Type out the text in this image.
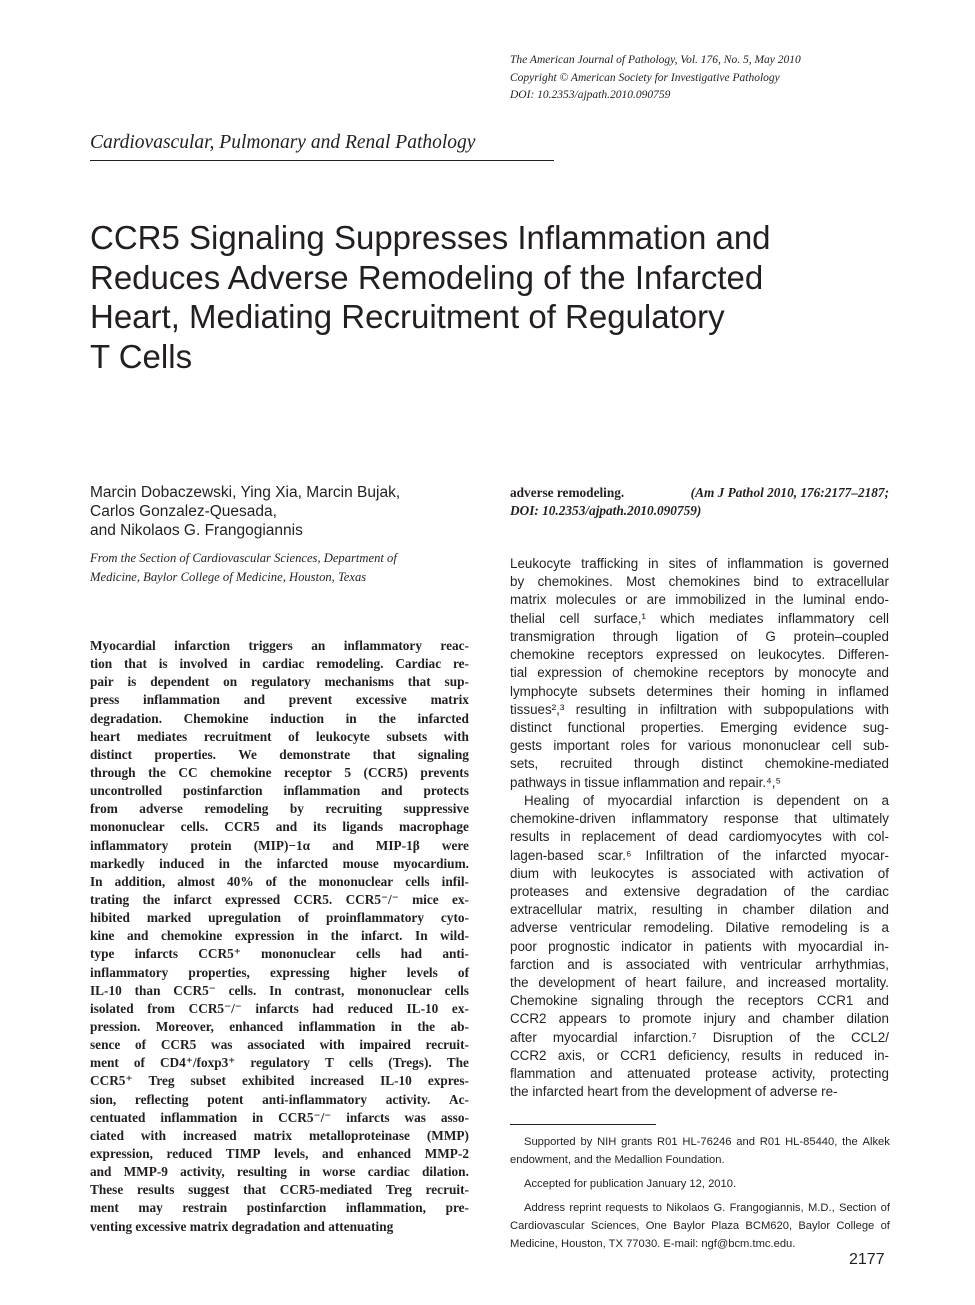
The American Journal of Pathology, Vol. 176, No. 5, May 2010
Copyright © American Society for Investigative Pathology
DOI: 10.2353/ajpath.2010.090759
Cardiovascular, Pulmonary and Renal Pathology
CCR5 Signaling Suppresses Inflammation and
Reduces Adverse Remodeling of the Infarcted
Heart, Mediating Recruitment of Regulatory
T Cells
Marcin Dobaczewski, Ying Xia, Marcin Bujak,
Carlos Gonzalez-Quesada,
and Nikolaos G. Frangogiannis
From the Section of Cardiovascular Sciences, Department of
Medicine, Baylor College of Medicine, Houston, Texas
Myocardial infarction triggers an inflammatory reac-
tion that is involved in cardiac remodeling. Cardiac re-
pair is dependent on regulatory mechanisms that sup-
press inflammation and prevent excessive matrix
degradation. Chemokine induction in the infarcted
heart mediates recruitment of leukocyte subsets with
distinct properties. We demonstrate that signaling
through the CC chemokine receptor 5 (CCR5) prevents
uncontrolled postinfarction inflammation and protects
from adverse remodeling by recruiting suppressive
mononuclear cells. CCR5 and its ligands macrophage
inflammatory protein (MIP)−1α and MIP-1β were
markedly induced in the infarcted mouse myocardium.
In addition, almost 40% of the mononuclear cells infil-
trating the infarct expressed CCR5. CCR5⁻/⁻ mice ex-
hibited marked upregulation of proinflammatory cyto-
kine and chemokine expression in the infarct. In wild-
type infarcts CCR5⁺ mononuclear cells had anti-
inflammatory properties, expressing higher levels of
IL-10 than CCR5⁻ cells. In contrast, mononuclear cells
isolated from CCR5⁻/⁻ infarcts had reduced IL-10 ex-
pression. Moreover, enhanced inflammation in the ab-
sence of CCR5 was associated with impaired recruit-
ment of CD4⁺/foxp3⁺ regulatory T cells (Tregs). The
CCR5⁺ Treg subset exhibited increased IL-10 expres-
sion, reflecting potent anti-inflammatory activity. Ac-
centuated inflammation in CCR5⁻/⁻ infarcts was asso-
ciated with increased matrix metalloproteinase (MMP)
expression, reduced TIMP levels, and enhanced MMP-2
and MMP-9 activity, resulting in worse cardiac dilation.
These results suggest that CCR5-mediated Treg recruit-
ment may restrain postinfarction inflammation, pre-
venting excessive matrix degradation and attenuating
adverse remodeling.	(Am J Pathol 2010, 176:2177–2187;
DOI: 10.2353/ajpath.2010.090759)
Leukocyte trafficking in sites of inflammation is governed
by chemokines. Most chemokines bind to extracellular
matrix molecules or are immobilized in the luminal endo-
thelial cell surface,¹ which mediates inflammatory cell
transmigration through ligation of G protein–coupled
chemokine receptors expressed on leukocytes. Differen-
tial expression of chemokine receptors by monocyte and
lymphocyte subsets determines their homing in inflamed
tissues²,³ resulting in infiltration with subpopulations with
distinct functional properties. Emerging evidence sug-
gests important roles for various mononuclear cell sub-
sets, recruited through distinct chemokine-mediated
pathways in tissue inflammation and repair.⁴,⁵
Healing of myocardial infarction is dependent on a
chemokine-driven inflammatory response that ultimately
results in replacement of dead cardiomyocytes with col-
lagen-based scar.⁶ Infiltration of the infarcted myocar-
dium with leukocytes is associated with activation of
proteases and extensive degradation of the cardiac
extracellular matrix, resulting in chamber dilation and
adverse ventricular remodeling. Dilative remodeling is a
poor prognostic indicator in patients with myocardial in-
farction and is associated with ventricular arrhythmias,
the development of heart failure, and increased mortality.
Chemokine signaling through the receptors CCR1 and
CCR2 appears to promote injury and chamber dilation
after myocardial infarction.⁷ Disruption of the CCL2/
CCR2 axis, or CCR1 deficiency, results in reduced in-
flammation and attenuated protease activity, protecting
the infarcted heart from the development of adverse re-
Supported by NIH grants R01 HL-76246 and R01 HL-85440, the Alkek
endowment, and the Medallion Foundation.
Accepted for publication January 12, 2010.
Address reprint requests to Nikolaos G. Frangogiannis, M.D., Section of
Cardiovascular Sciences, One Baylor Plaza BCM620, Baylor College of
Medicine, Houston, TX 77030. E-mail: ngf@bcm.tmc.edu.
2177
